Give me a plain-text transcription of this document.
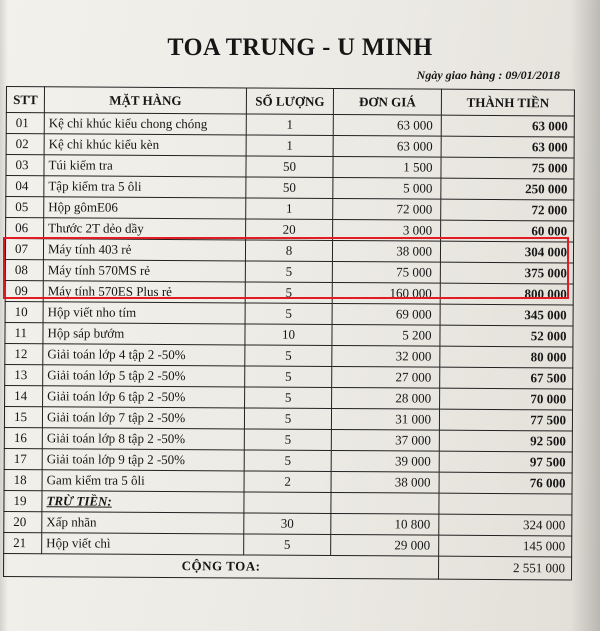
TOA TRUNG - U MINH
Ngày giao hàng : 09/01/2018
STT	MẶT HÀNG	SỐ LƯỢNG	ĐƠN GIÁ	THÀNH TIỀN
01	Kệ chỉ khúc kiểu chong chóng	1	63 000	63 000
02	Kệ chỉ khúc kiểu kèn	1	63 000	63 000
03	Túi kiểm tra	50	1 500	75 000
04	Tập kiểm tra 5 ôli	50	5 000	250 000
05	Hộp gômE06	1	72 000	72 000
06	Thước 2T dẻo dầy	20	3 000	60 000
07	Máy tính 403 rẻ	8	38 000	304 000
08	Máy tính 570MS rẻ	5	75 000	375 000
09	Máy tính 570ES Plus rẻ	5	160 000	800 000
10	Hộp viết nho tím	5	69 000	345 000
11	Hộp sáp bướm	10	5 200	52 000
12	Giải toán lớp 4 tập 2 -50%	5	32 000	80 000
13	Giải toán lớp 5 tập 2 -50%	5	27 000	67 500
14	Giải toán lớp 6 tập 2 -50%	5	28 000	70 000
15	Giải toán lớp 7 tập 2 -50%	5	31 000	77 500
16	Giải toán lớp 8 tập 2 -50%	5	37 000	92 500
17	Giải toán lớp 9 tập 2 -50%	5	39 000	97 500
18	Gam kiểm tra 5 ôli	2	38 000	76 000
19	TRỪ TIỀN:			
20	Xấp nhãn	30	10 800	324 000
21	Hộp viết chì	5	29 000	145 000
CỘNG TOA:				2 551 000
